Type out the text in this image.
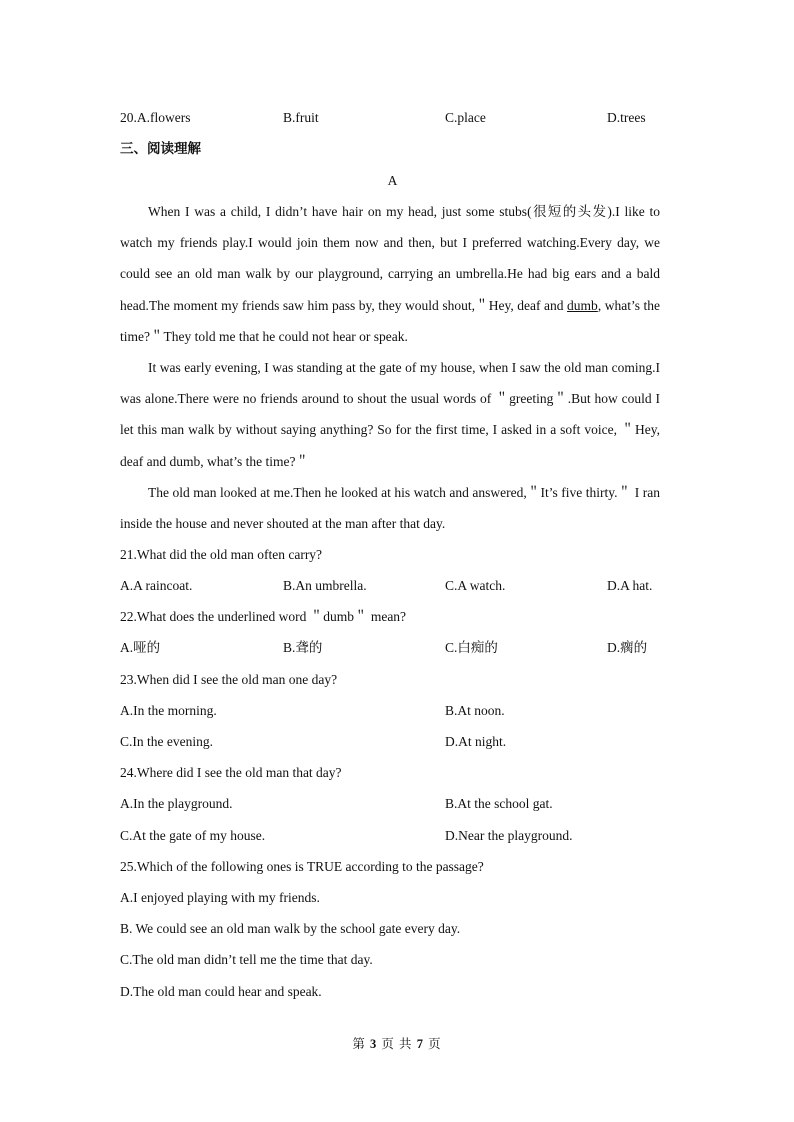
20.A.flowers	B.fruit	C.place	D.trees
三、阅读理解
A

When I was a child, I didn’t have hair on my head, just some stubs(很短的头发).I like to watch my friends play.I would join them now and then, but I preferred watching.Every day, we could see an old man walk by our playground, carrying an umbrella.He had big ears and a bald head.The moment my friends saw him pass by, they would shout,＂Hey, deaf and dumb, what’s the time?＂They told me that he could not hear or speak.

It was early evening, I was standing at the gate of my house, when I saw the old man coming.I was alone.There were no friends around to shout the usual words of ＂greeting＂.But how could I let this man walk by without saying anything? So for the first time, I asked in a soft voice, ＂Hey, deaf and dumb, what’s the time?＂

The old man looked at me.Then he looked at his watch and answered,＂It’s five thirty.＂ I ran inside the house and never shouted at the man after that day.

21.What did the old man often carry?
A.A raincoat.	B.An umbrella.	C.A watch.	D.A hat.
22.What does the underlined word ＂dumb＂ mean?
A.哑的	B.聋的	C.白痴的	D.瘸的
23.When did I see the old man one day?
A.In the morning.	B.At noon.
C.In the evening.	D.At night.
24.Where did I see the old man that day?
A.In the playground.	B.At the school gat.
C.At the gate of my house.	D.Near the playground.
25.Which of the following ones is TRUE according to the passage?
A.I enjoyed playing with my friends.
B. We could see an old man walk by the school gate every day.
C.The old man didn’t tell me the time that day.
D.The old man could hear and speak.
第 3 页 共 7 页
